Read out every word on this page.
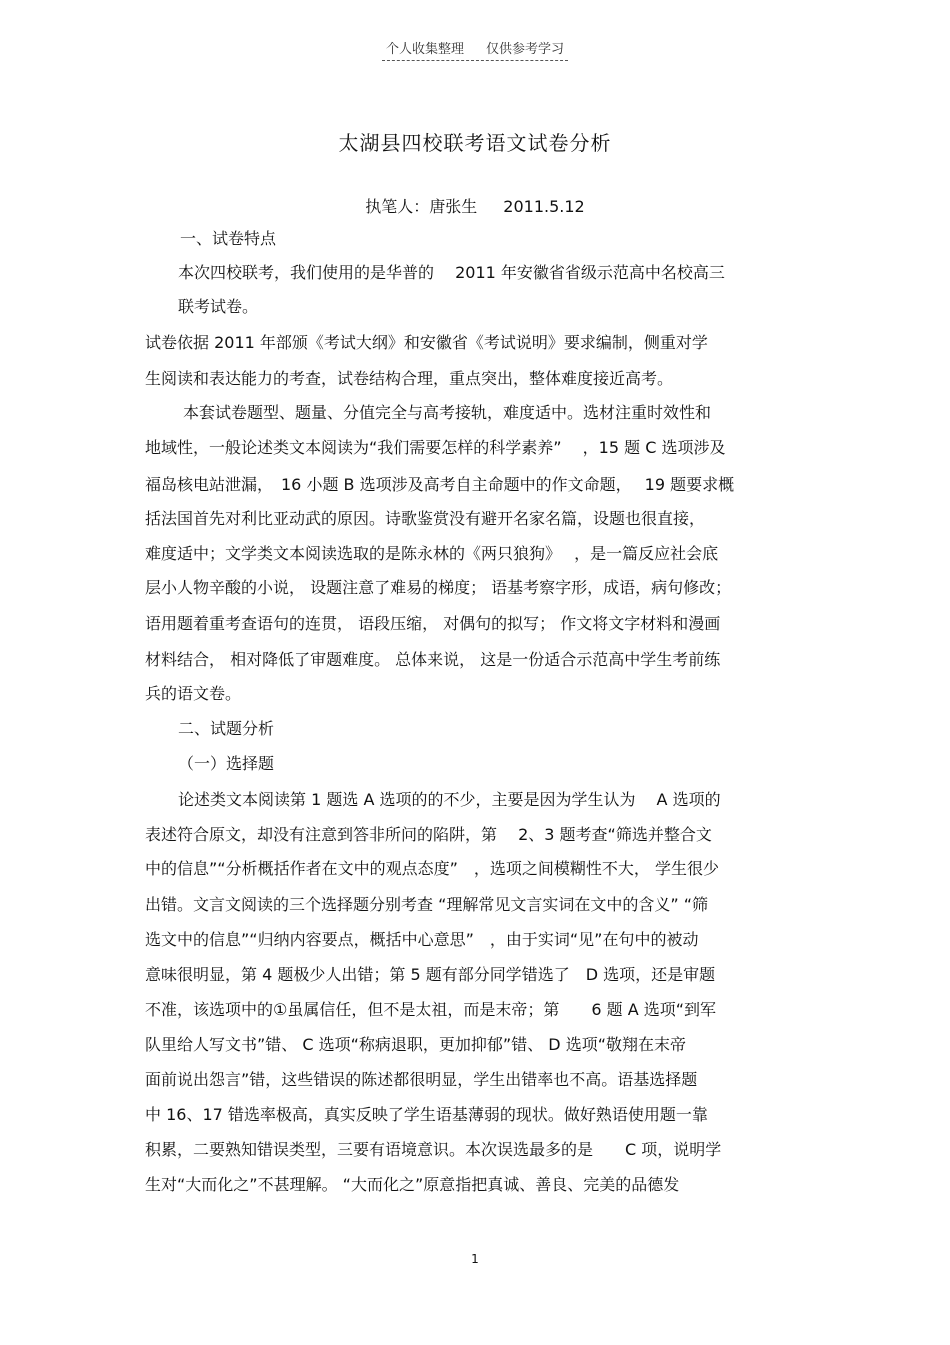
个人收集整理 仅供参考学习
太湖县四校联考语文试卷分析
执笔人：唐张生 2011.5.12
一、试卷特点
本次四校联考，我们使用的是华普的　 2011 年安徽省省级示范高中名校高三
联考试卷。
试卷依据 2011 年部颁《考试大纲》和安徽省《考试说明》要求编制，侧重对学
生阅读和表达能力的考查，试卷结构合理，重点突出，整体难度接近高考。
本套试卷题型、题量、分值完全与高考接轨，难度适中。选材注重时效性和
地域性，一般论述类文本阅读为“我们需要怎样的科学素养”　 ，15 题 C 选项涉及
福岛核电站泄漏，　16 小题 B 选项涉及高考自主命题中的作文命题，　 19 题要求概
括法国首先对利比亚动武的原因。诗歌鉴赏没有避开名家名篇，设题也很直接，
难度适中；文学类文本阅读选取的是陈永林的《两只狼狗》　 ，是一篇反应社会底
层小人物辛酸的小说， 设题注意了难易的梯度； 语基考察字形，成语，病句修改；
语用题着重考查语句的连贯， 语段压缩， 对偶句的拟写； 作文将文字材料和漫画
材料结合， 相对降低了审题难度。 总体来说， 这是一份适合示范高中学生考前练
兵的语文卷。
二、试题分析
（一）选择题
论述类文本阅读第 1 题选 A 选项的的不少，主要是因为学生认为　 A 选项的
表述符合原文，却没有注意到答非所问的陷阱，第　 2、3 题考查“筛选并整合文
中的信息”“分析概括作者在文中的观点态度”　，选项之间模糊性不大， 学生很少
出错。文言文阅读的三个选择题分别考查 “理解常见文言实词在文中的含义” “筛
选文中的信息”“归纳内容要点，概括中心意思”　，由于实词“见”在句中的被动
意味很明显，第 4 题极少人出错；第 5 题有部分同学错选了　D 选项，还是审题
不准，该选项中的①虽属信任，但不是太祖，而是末帝；第　　6 题 A 选项“到军
队里给人写文书”错、 C 选项“称病退职，更加抑郁”错、 D 选项“敬翔在末帝
面前说出怨言”错，这些错误的陈述都很明显，学生出错率也不高。语基选择题
中 16、17 错选率极高，真实反映了学生语基薄弱的现状。做好熟语使用题一靠
积累，二要熟知错误类型，三要有语境意识。本次误选最多的是　　C 项，说明学
生对“大而化之”不甚理解。 “大而化之”原意指把真诚、善良、完美的品德发
1
